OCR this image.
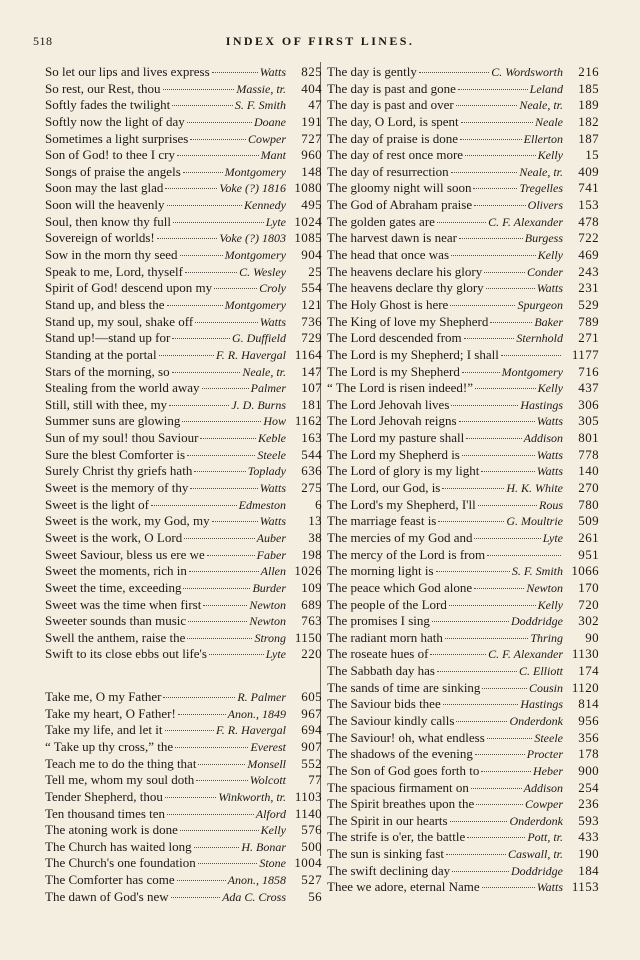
518	INDEX OF FIRST LINES.
So let our lips and lives express	Watts	825
So rest, our Rest, thou	Massie, tr.	404
Softly fades the twilight	S. F. Smith	47
Softly now the light of day	Doane	191
Sometimes a light surprises	Cowper	727
Son of God! to thee I cry	Mant	960
Songs of praise the angels	Montgomery	148
Soon may the last glad	Voke (?) 1816 1080
Soon will the heavenly	Kennedy	495
Soul, then know thy full	Lyte 1024
Sovereign of worlds!	Voke (?) 1803 1085
Sow in the morn thy seed	Montgomery	904
Speak to me, Lord, thyself	C. Wesley	25
Spirit of God! descend upon my	Croly	554
Stand up, and bless the	Montgomery	121
Stand up, my soul, shake off	Watts	736
Stand up!—stand up for	G. Duffield	729
Standing at the portal	F. R. Havergal 1164
Stars of the morning, so	Neale, tr.	147
Stealing from the world away	Palmer	107
Still, still with thee, my	J. D. Burns	181
Summer suns are glowing	How 1162
Sun of my soul! thou Saviour	Keble	163
Sure the blest Comforter is	Steele	544
Surely Christ thy griefs hath	Toplady	636
Sweet is the memory of thy	Watts	275
Sweet is the light of	Edmeston	6
Sweet is the work, my God, my	Watts	13
Sweet is the work, O Lord	Auber	38
Sweet Saviour, bless us ere we	Faber	198
Sweet the moments, rich in	Allen 1026
Sweet the time, exceeding	Burder	109
Sweet was the time when first	Newton	689
Sweeter sounds than music	Newton	763
Swell the anthem, raise the	Strong 1150
Swift to its close ebbs out life's	Lyte	220
Take me, O my Father	R. Palmer	605
Take my heart, O Father!	Anon., 1849	967
Take my life, and let it	F. R. Havergal	694
“ Take up thy cross,” the	Everest	907
Teach me to do the thing that	Monsell	552
Tell me, whom my soul doth	Wolcott	77
Tender Shepherd, thou	Winkworth, tr. 1103
Ten thousand times ten	Alford 1140
The atoning work is done	Kelly	576
The Church has waited long	H. Bonar	500
The Church's one foundation	Stone 1004
The Comforter has come	Anon., 1858	527
The dawn of God's new	Ada C. Cross	56
The day is gently	C. Wordsworth	216
The day is past and gone	Leland	185
The day is past and over	Neale, tr.	189
The day, O Lord, is spent	Neale	182
The day of praise is done	Ellerton	187
The day of rest once more	Kelly	15
The day of resurrection	Neale, tr.	409
The gloomy night will soon	Tregelles	741
The God of Abraham praise	Olivers	153
The golden gates are	C. F. Alexander	478
The harvest dawn is near	Burgess	722
The head that once was	Kelly	469
The heavens declare his glory	Conder	243
The heavens declare thy glory	Watts	231
The Holy Ghost is here	Spurgeon	529
The King of love my Shepherd	Baker	789
The Lord descended from	Sternhold	271
The Lord is my Shepherd; I shall	1177
The Lord is my Shepherd	Montgomery	716
“ The Lord is risen indeed!”	Kelly	437
The Lord Jehovah lives	Hastings	306
The Lord Jehovah reigns	Watts	305
The Lord my pasture shall	Addison	801
The Lord my Shepherd is	Watts	778
The Lord of glory is my light	Watts	140
The Lord, our God, is	H. K. White	270
The Lord's my Shepherd, I'll	Rous	780
The marriage feast is	G. Moultrie	509
The mercies of my God and	Lyte	261
The mercy of the Lord is from	951
The morning light is	S. F. Smith 1066
The peace which God alone	Newton	170
The people of the Lord	Kelly	720
The promises I sing	Doddridge	302
The radiant morn hath	Thring	90
The roseate hues of	C. F. Alexander 1130
The Sabbath day has	C. Elliott	174
The sands of time are sinking	Cousin 1120
The Saviour bids thee	Hastings	814
The Saviour kindly calls	Onderdonk	956
The Saviour! oh, what endless	Steele	356
The shadows of the evening	Procter	178
The Son of God goes forth to	Heber	900
The spacious firmament on	Addison	254
The Spirit breathes upon the	Cowper	236
The Spirit in our hearts	Onderdonk	593
The strife is o'er, the battle	Pott, tr.	433
The sun is sinking fast	Caswall, tr.	190
The swift declining day	Doddridge	184
Thee we adore, eternal Name	Watts 1153
